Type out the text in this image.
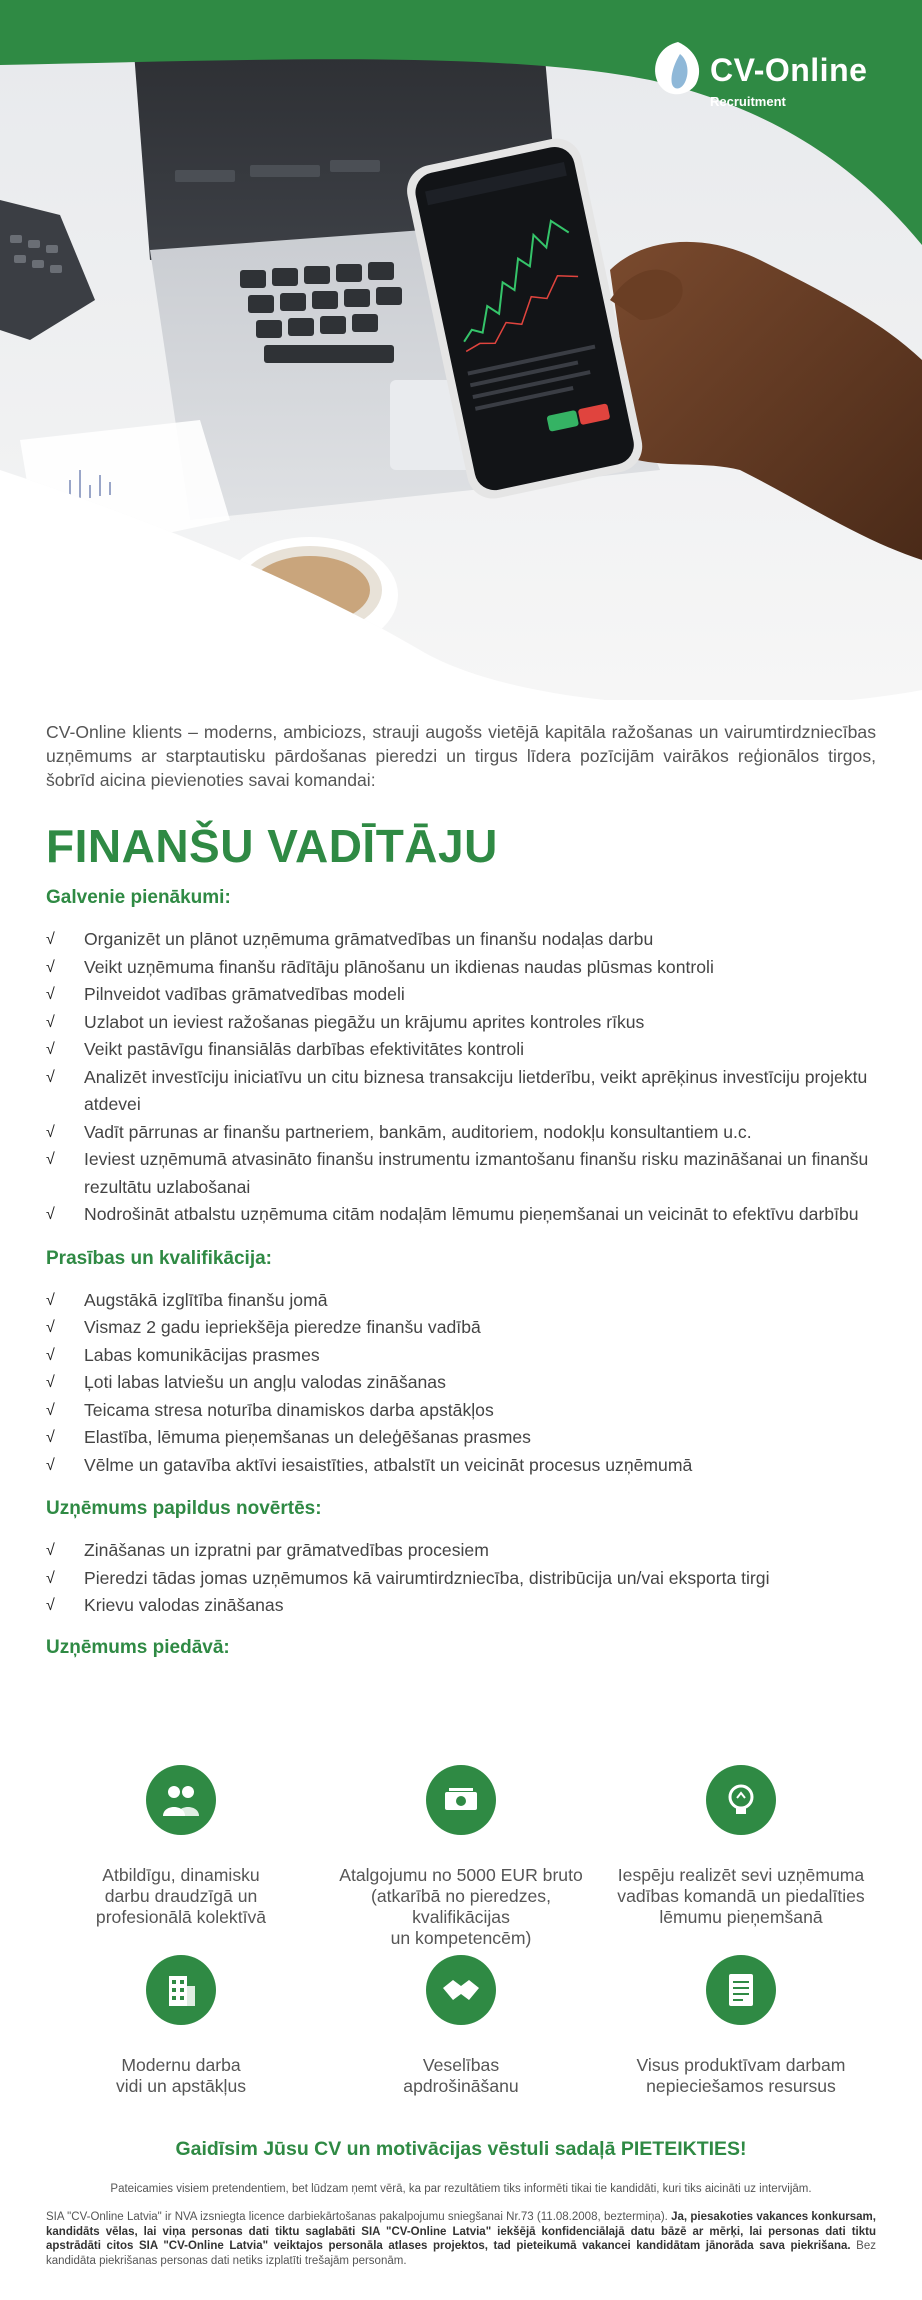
CV-Online
Recruitment

CV-Online klients – moderns, ambiciozs, strauji augošs vietējā kapitāla ražošanas un vairumtirdzniecības uzņēmums ar starptautisku pārdošanas pieredzi un tirgus līdera pozīcijām vairākos reģionālos tirgos, šobrīd aicina pievienoties savai komandai:

FINANŠU VADĪTĀJU
Galvenie pienākumi:
√ Organizēt un plānot uzņēmuma grāmatvedības un finanšu nodaļas darbu
√ Veikt uzņēmuma finanšu rādītāju plānošanu un ikdienas naudas plūsmas kontroli
√ Pilnveidot vadības grāmatvedības modeli
√ Uzlabot un ieviest ražošanas piegāžu un krājumu aprites kontroles rīkus
√ Veikt pastāvīgu finansiālās darbības efektivitātes kontroli
√ Analizēt investīciju iniciatīvu un citu biznesa transakciju lietderību, veikt aprēķinus investīciju projektu atdevei
√ Vadīt pārrunas ar finanšu partneriem, bankām, auditoriem, nodokļu konsultantiem u.c.
√ Ieviest uzņēmumā atvasināto finanšu instrumentu izmantošanu finanšu risku mazināšanai un finanšu rezultātu uzlabošanai
√ Nodrošināt atbalstu uzņēmuma citām nodaļām lēmumu pieņemšanai un veicināt to efektīvu darbību
Prasības un kvalifikācija:
√ Augstākā izglītība finanšu jomā
√ Vismaz 2 gadu iepriekšēja pieredze finanšu vadībā
√ Labas komunikācijas prasmes
√ Ļoti labas latviešu un angļu valodas zināšanas
√ Teicama stresa noturība dinamiskos darba apstākļos
√ Elastība, lēmuma pieņemšanas un deleģēšanas prasmes
√ Vēlme un gatavība aktīvi iesaistīties, atbalstīt un veicināt procesus uzņēmumā
Uzņēmums papildus novērtēs:
√ Zināšanas un izpratni par grāmatvedības procesiem
√ Pieredzi tādas jomas uzņēmumos kā vairumtirdzniecība, distribūcija un/vai eksporta tirgi
√ Krievu valodas zināšanas
Uzņēmums piedāvā:
Atbildīgu, dinamisku
darbu draudzīgā un
profesionālā kolektīvā
Atalgojumu no 5000 EUR bruto
(atkarībā no pieredzes, kvalifikācijas
un kompetencēm)
Iespēju realizēt sevi uzņēmuma
vadības komandā un piedalīties
lēmumu pieņemšanā
Modernu darba
vidi un apstākļus
Veselības
apdrošināšanu
Visus produktīvam darbam
nepieciešamos resursus
Gaidīsim Jūsu CV un motivācijas vēstuli sadaļā PIETEIKTIES!
Pateicamies visiem pretendentiem, bet lūdzam ņemt vērā, ka par rezultātiem tiks informēti tikai tie kandidāti, kuri tiks aicināti uz intervijām.
SIA "CV-Online Latvia" ir NVA izsniegta licence darbiekārtošanas pakalpojumu sniegšanai Nr.73 (11.08.2008, beztermiņa). Ja, piesakoties vakances konkursam, kandidāts vēlas, lai viņa personas dati tiktu saglabāti SIA "CV-Online Latvia" iekšējā konfidenciālajā datu bāzē ar mērķi, lai personas dati tiktu apstrādāti citos SIA "CV-Online Latvia" veiktajos personāla atlases projektos, tad pieteikumā vakancei kandidātam jānorāda sava piekrišana. Bez kandidāta piekrišanas personas dati netiks izplatīti trešajām personām.
